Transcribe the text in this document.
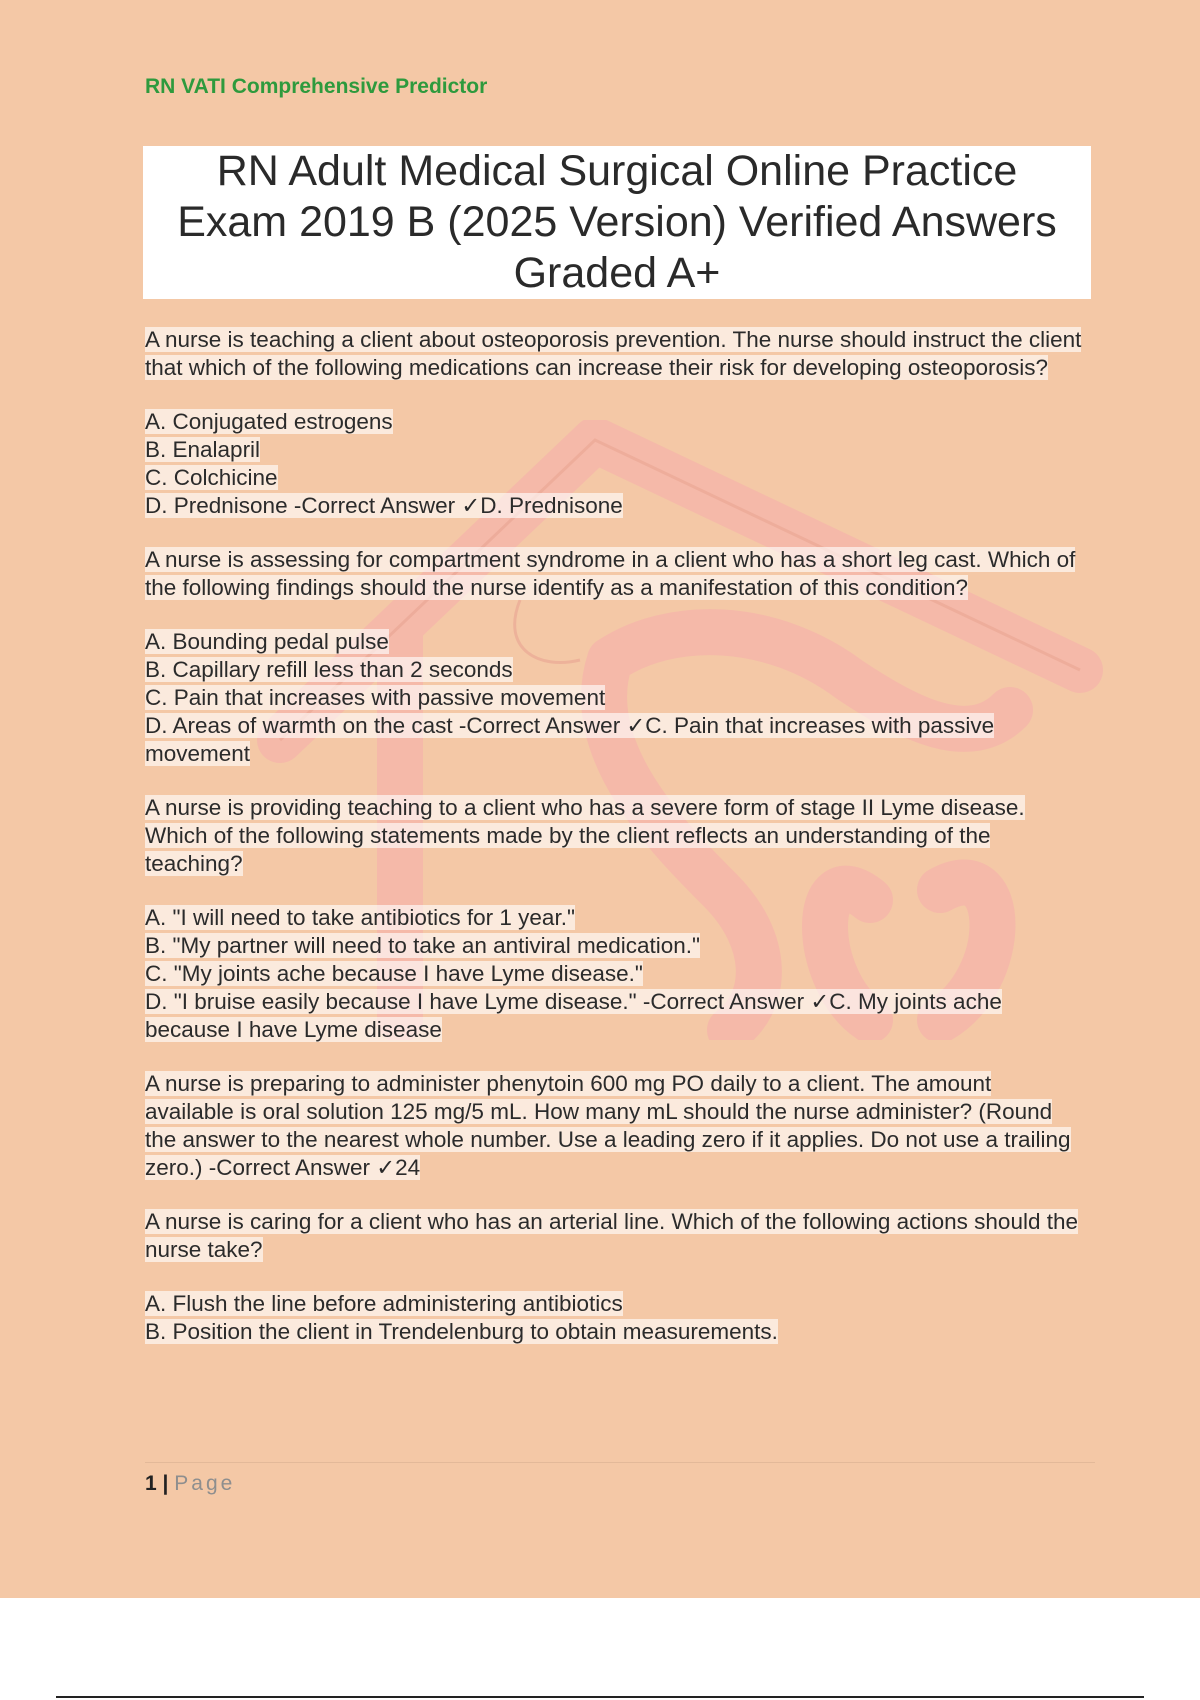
RN VATI Comprehensive Predictor
RN Adult Medical Surgical Online Practice
Exam 2019 B (2025 Version) Verified Answers
Graded A+
A nurse is teaching a client about osteoporosis prevention. The nurse should instruct the client that which of the following medications can increase their risk for developing osteoporosis?
A. Conjugated estrogens
B. Enalapril
C. Colchicine
D. Prednisone -Correct Answer ✓D. Prednisone
A nurse is assessing for compartment syndrome in a client who has a short leg cast. Which of the following findings should the nurse identify as a manifestation of this condition?
A. Bounding pedal pulse
B. Capillary refill less than 2 seconds
C. Pain that increases with passive movement
D. Areas of warmth on the cast -Correct Answer ✓C. Pain that increases with passive movement
A nurse is providing teaching to a client who has a severe form of stage II Lyme disease. Which of the following statements made by the client reflects an understanding of the teaching?
A. "I will need to take antibiotics for 1 year."
B. "My partner will need to take an antiviral medication."
C. "My joints ache because I have Lyme disease."
D. "I bruise easily because I have Lyme disease." -Correct Answer ✓C. My joints ache because I have Lyme disease
A nurse is preparing to administer phenytoin 600 mg PO daily to a client. The amount available is oral solution 125 mg/5 mL. How many mL should the nurse administer? (Round the answer to the nearest whole number. Use a leading zero if it applies. Do not use a trailing zero.) -Correct Answer ✓24
A nurse is caring for a client who has an arterial line. Which of the following actions should the nurse take?
A. Flush the line before administering antibiotics
B. Position the client in Trendelenburg to obtain measurements.
1 | Page
